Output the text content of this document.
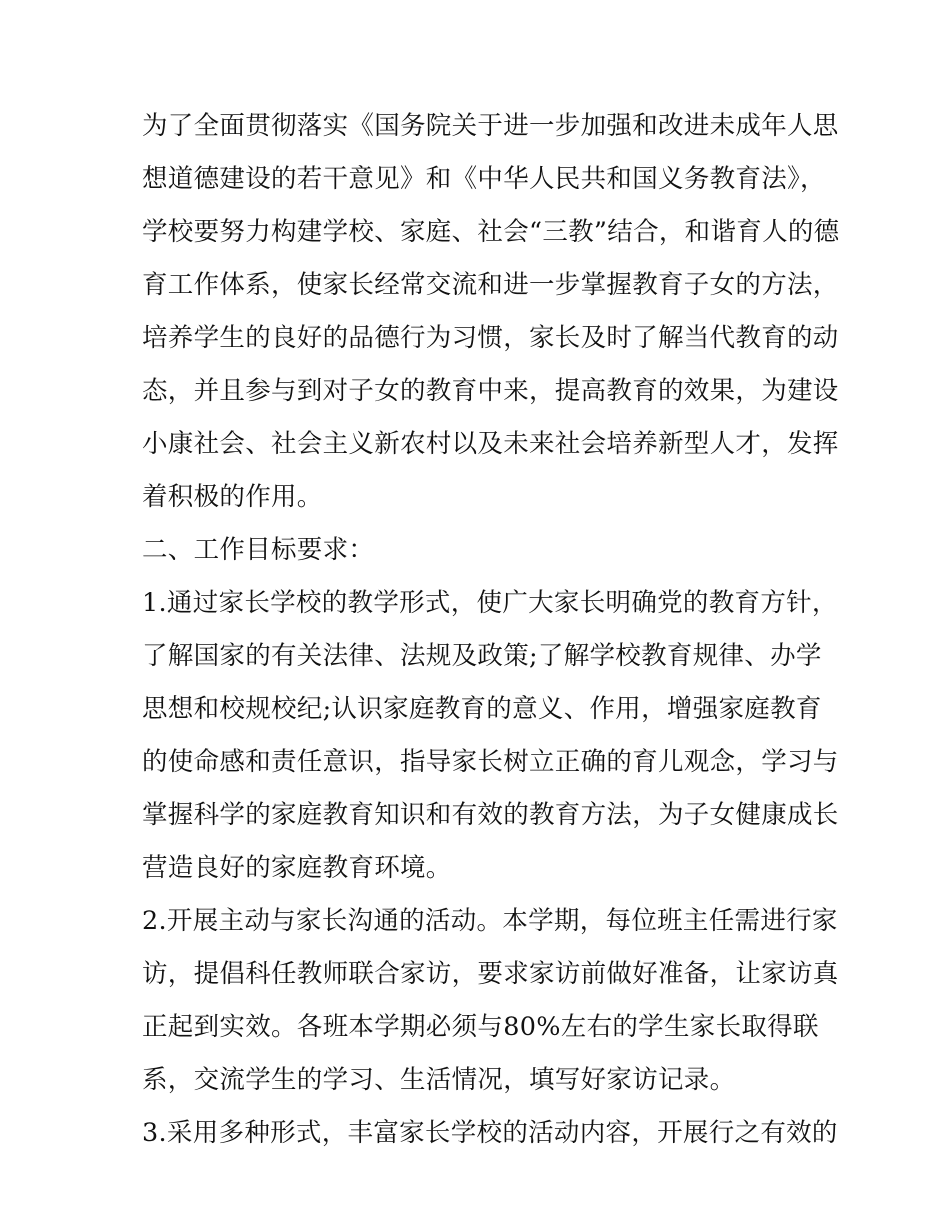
为了全面贯彻落实《国务院关于进一步加强和改进未成年人思
想道德建设的若干意见》和《中华人民共和国义务教育法》，
学校要努力构建学校、家庭、社会“三教”结合，和谐育人的德
育工作体系，使家长经常交流和进一步掌握教育子女的方法，
培养学生的良好的品德行为习惯，家长及时了解当代教育的动
态，并且参与到对子女的教育中来，提高教育的效果，为建设
小康社会、社会主义新农村以及未来社会培养新型人才，发挥
着积极的作用。
二、工作目标要求：
1.通过家长学校的教学形式，使广大家长明确党的教育方针，
了解国家的有关法律、法规及政策;了解学校教育规律、办学
思想和校规校纪;认识家庭教育的意义、作用，增强家庭教育
的使命感和责任意识，指导家长树立正确的育儿观念，学习与
掌握科学的家庭教育知识和有效的教育方法，为子女健康成长
营造良好的家庭教育环境。
2.开展主动与家长沟通的活动。本学期，每位班主任需进行家
访，提倡科任教师联合家访，要求家访前做好准备，让家访真
正起到实效。各班本学期必须与80%左右的学生家长取得联
系，交流学生的学习、生活情况，填写好家访记录。
3.采用多种形式，丰富家长学校的活动内容，开展行之有效的
